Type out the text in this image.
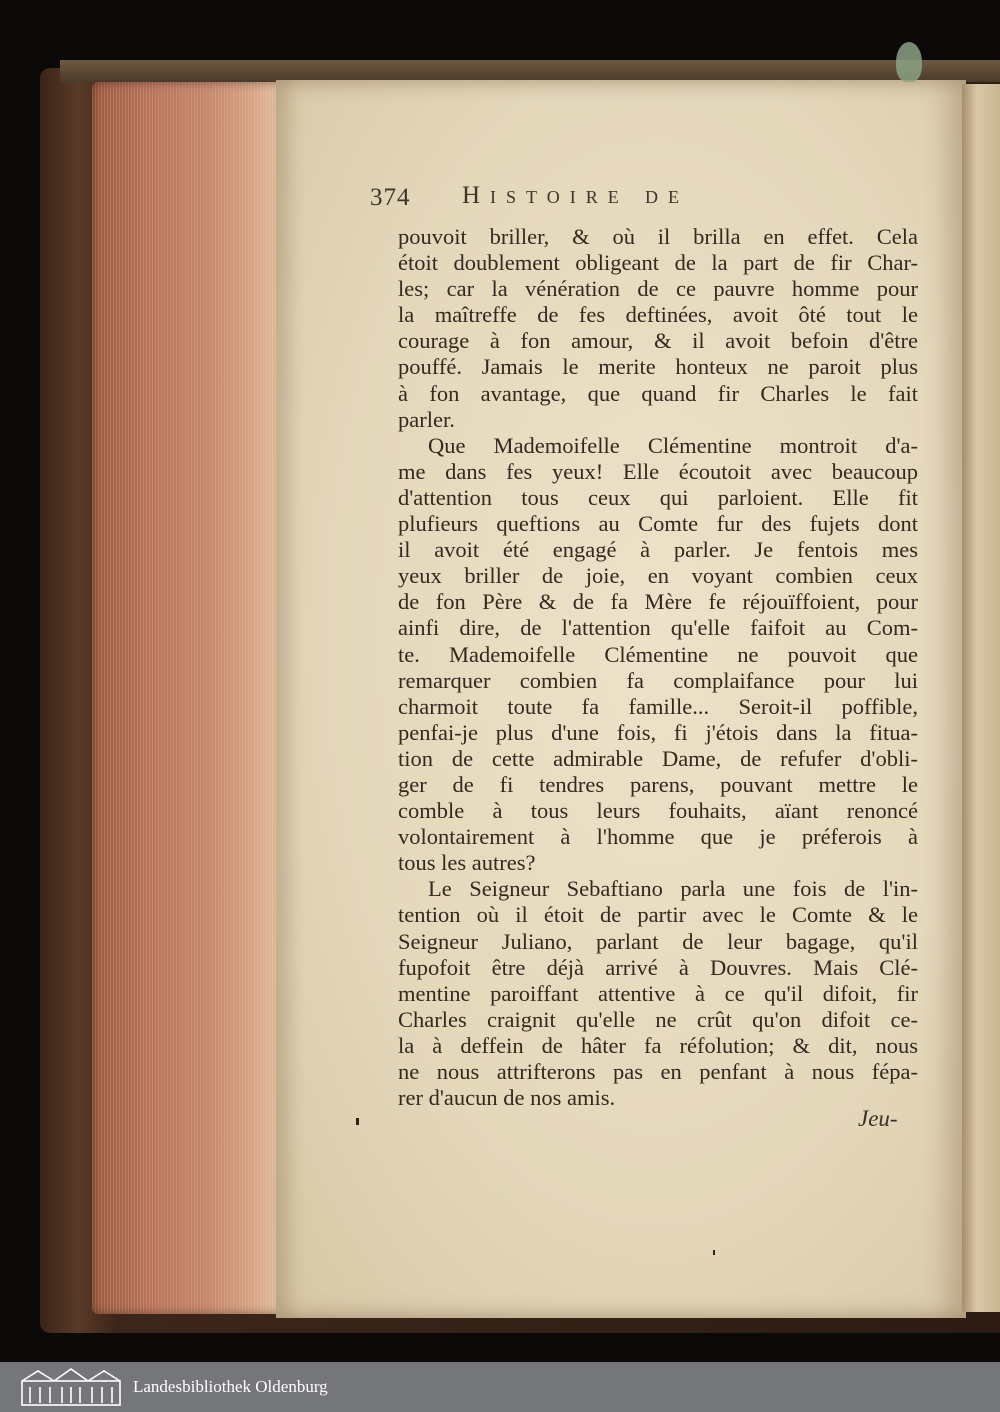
374 Histoire de
pouvoit briller, & où il brilla en effet. Cela
étoit doublement obligeant de la part de fir Char-
les; car la vénération de ce pauvre homme pour
la maîtreffe de fes deftinées, avoit ôté tout le
courage à fon amour, & il avoit befoin d'être
pouffé. Jamais le merite honteux ne paroit plus
à fon avantage, que quand fir Charles le fait
parler.
Que Mademoifelle Clémentine montroit d'a-
me dans fes yeux! Elle écoutoit avec beaucoup
d'attention tous ceux qui parloient. Elle fit
plufieurs queftions au Comte fur des fujets dont
il avoit été engagé à parler. Je fentois mes
yeux briller de joie, en voyant combien ceux
de fon Père & de fa Mère fe réjouïffoient, pour
ainfi dire, de l'attention qu'elle faifoit au Com-
te. Mademoifelle Clémentine ne pouvoit que
remarquer combien fa complaifance pour lui
charmoit toute fa famille... Seroit-il poffible,
penfai-je plus d'une fois, fi j'étois dans la fitua-
tion de cette admirable Dame, de refufer d'obli-
ger de fi tendres parens, pouvant mettre le
comble à tous leurs fouhaits, aïant renoncé
volontairement à l'homme que je préferois à
tous les autres?
Le Seigneur Sebaftiano parla une fois de l'in-
tention où il étoit de partir avec le Comte & le
Seigneur Juliano, parlant de leur bagage, qu'il
fupofoit être déjà arrivé à Douvres. Mais Clé-
mentine paroiffant attentive à ce qu'il difoit, fir
Charles craignit qu'elle ne crût qu'on difoit ce-
la à deffein de hâter fa réfolution; & dit, nous
ne nous attrifterons pas en penfant à nous fépa-
rer d'aucun de nos amis.
Jeu-
Landesbibliothek Oldenburg
